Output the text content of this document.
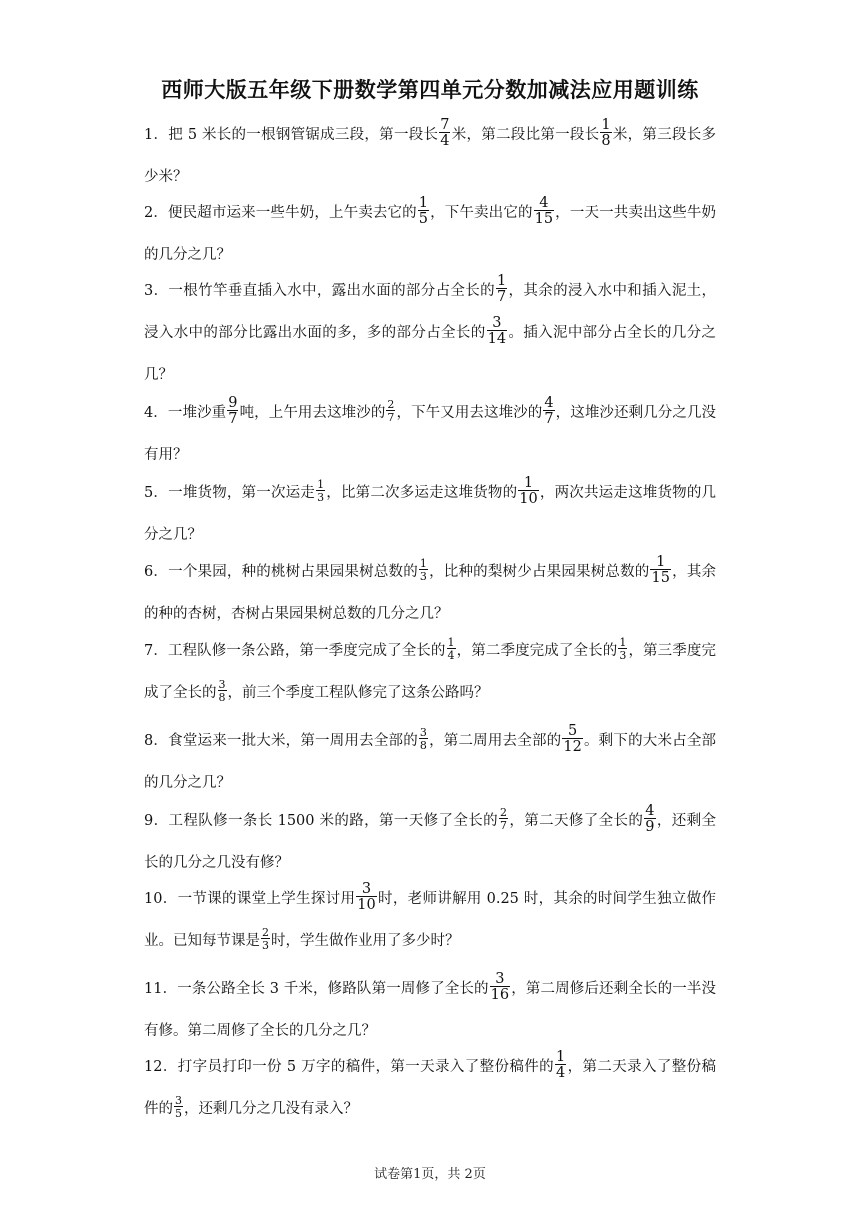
西师大版五年级下册数学第四单元分数加减法应用题训练
1．把 5 米长的一根钢管锯成三段，第一段长 $\frac{7}{4}$ 米，第二段比第一段长 $\frac{1}{8}$ 米，第三段长多少米？
2．便民超市运来一些牛奶，上午卖去它的 $\frac{1}{5}$ ，下午卖出它的 $\frac{4}{15}$ ，一天一共卖出这些牛奶的几分之几？
3．一根竹竿垂直插入水中，露出水面的部分占全长的 $\frac{1}{7}$ ，其余的浸入水中和插入泥土，浸入水中的部分比露出水面的多，多的部分占全长的 $\frac{3}{14}$ 。插入泥中部分占全长的几分之几？
4．一堆沙重 $\frac{9}{7}$ 吨，上午用去这堆沙的 $\frac{2}{7}$ ，下午又用去这堆沙的 $\frac{4}{7}$ ，这堆沙还剩几分之几没有用？
5．一堆货物，第一次运走 $\frac{1}{3}$ ，比第二次多运走这堆货物的 $\frac{1}{10}$ ，两次共运走这堆货物的几分之几？
6．一个果园，种的桃树占果园果树总数的 $\frac{1}{3}$ ，比种的梨树少占果园果树总数的 $\frac{1}{15}$ ，其余的种的杏树，杏树占果园果树总数的几分之几？
7．工程队修一条公路，第一季度完成了全长的 $\frac{1}{4}$ ，第二季度完成了全长的 $\frac{1}{3}$ ，第三季度完成了全长的 $\frac{3}{8}$ ，前三个季度工程队修完了这条公路吗？
8．食堂运来一批大米，第一周用去全部的 $\frac{3}{8}$ ，第二周用去全部的 $\frac{5}{12}$ 。剩下的大米占全部的几分之几？
9．工程队修一条长 1500 米的路，第一天修了全长的 $\frac{2}{7}$ ，第二天修了全长的 $\frac{4}{9}$ ，还剩全长的几分之几没有修？
10．一节课的课堂上学生探讨用 $\frac{3}{10}$ 时，老师讲解用 0.25 时，其余的时间学生独立做作业。已知每节课是 $\frac{2}{3}$ 时，学生做作业用了多少时？
11．一条公路全长 3 千米，修路队第一周修了全长的 $\frac{3}{16}$ ，第二周修后还剩全长的一半没有修。第二周修了全长的几分之几？
12．打字员打印一份 5 万字的稿件，第一天录入了整份稿件的 $\frac{1}{4}$ ，第二天录入了整份稿件的 $\frac{3}{5}$ ，还剩几分之几没有录入？
试卷第1页，共 2页
